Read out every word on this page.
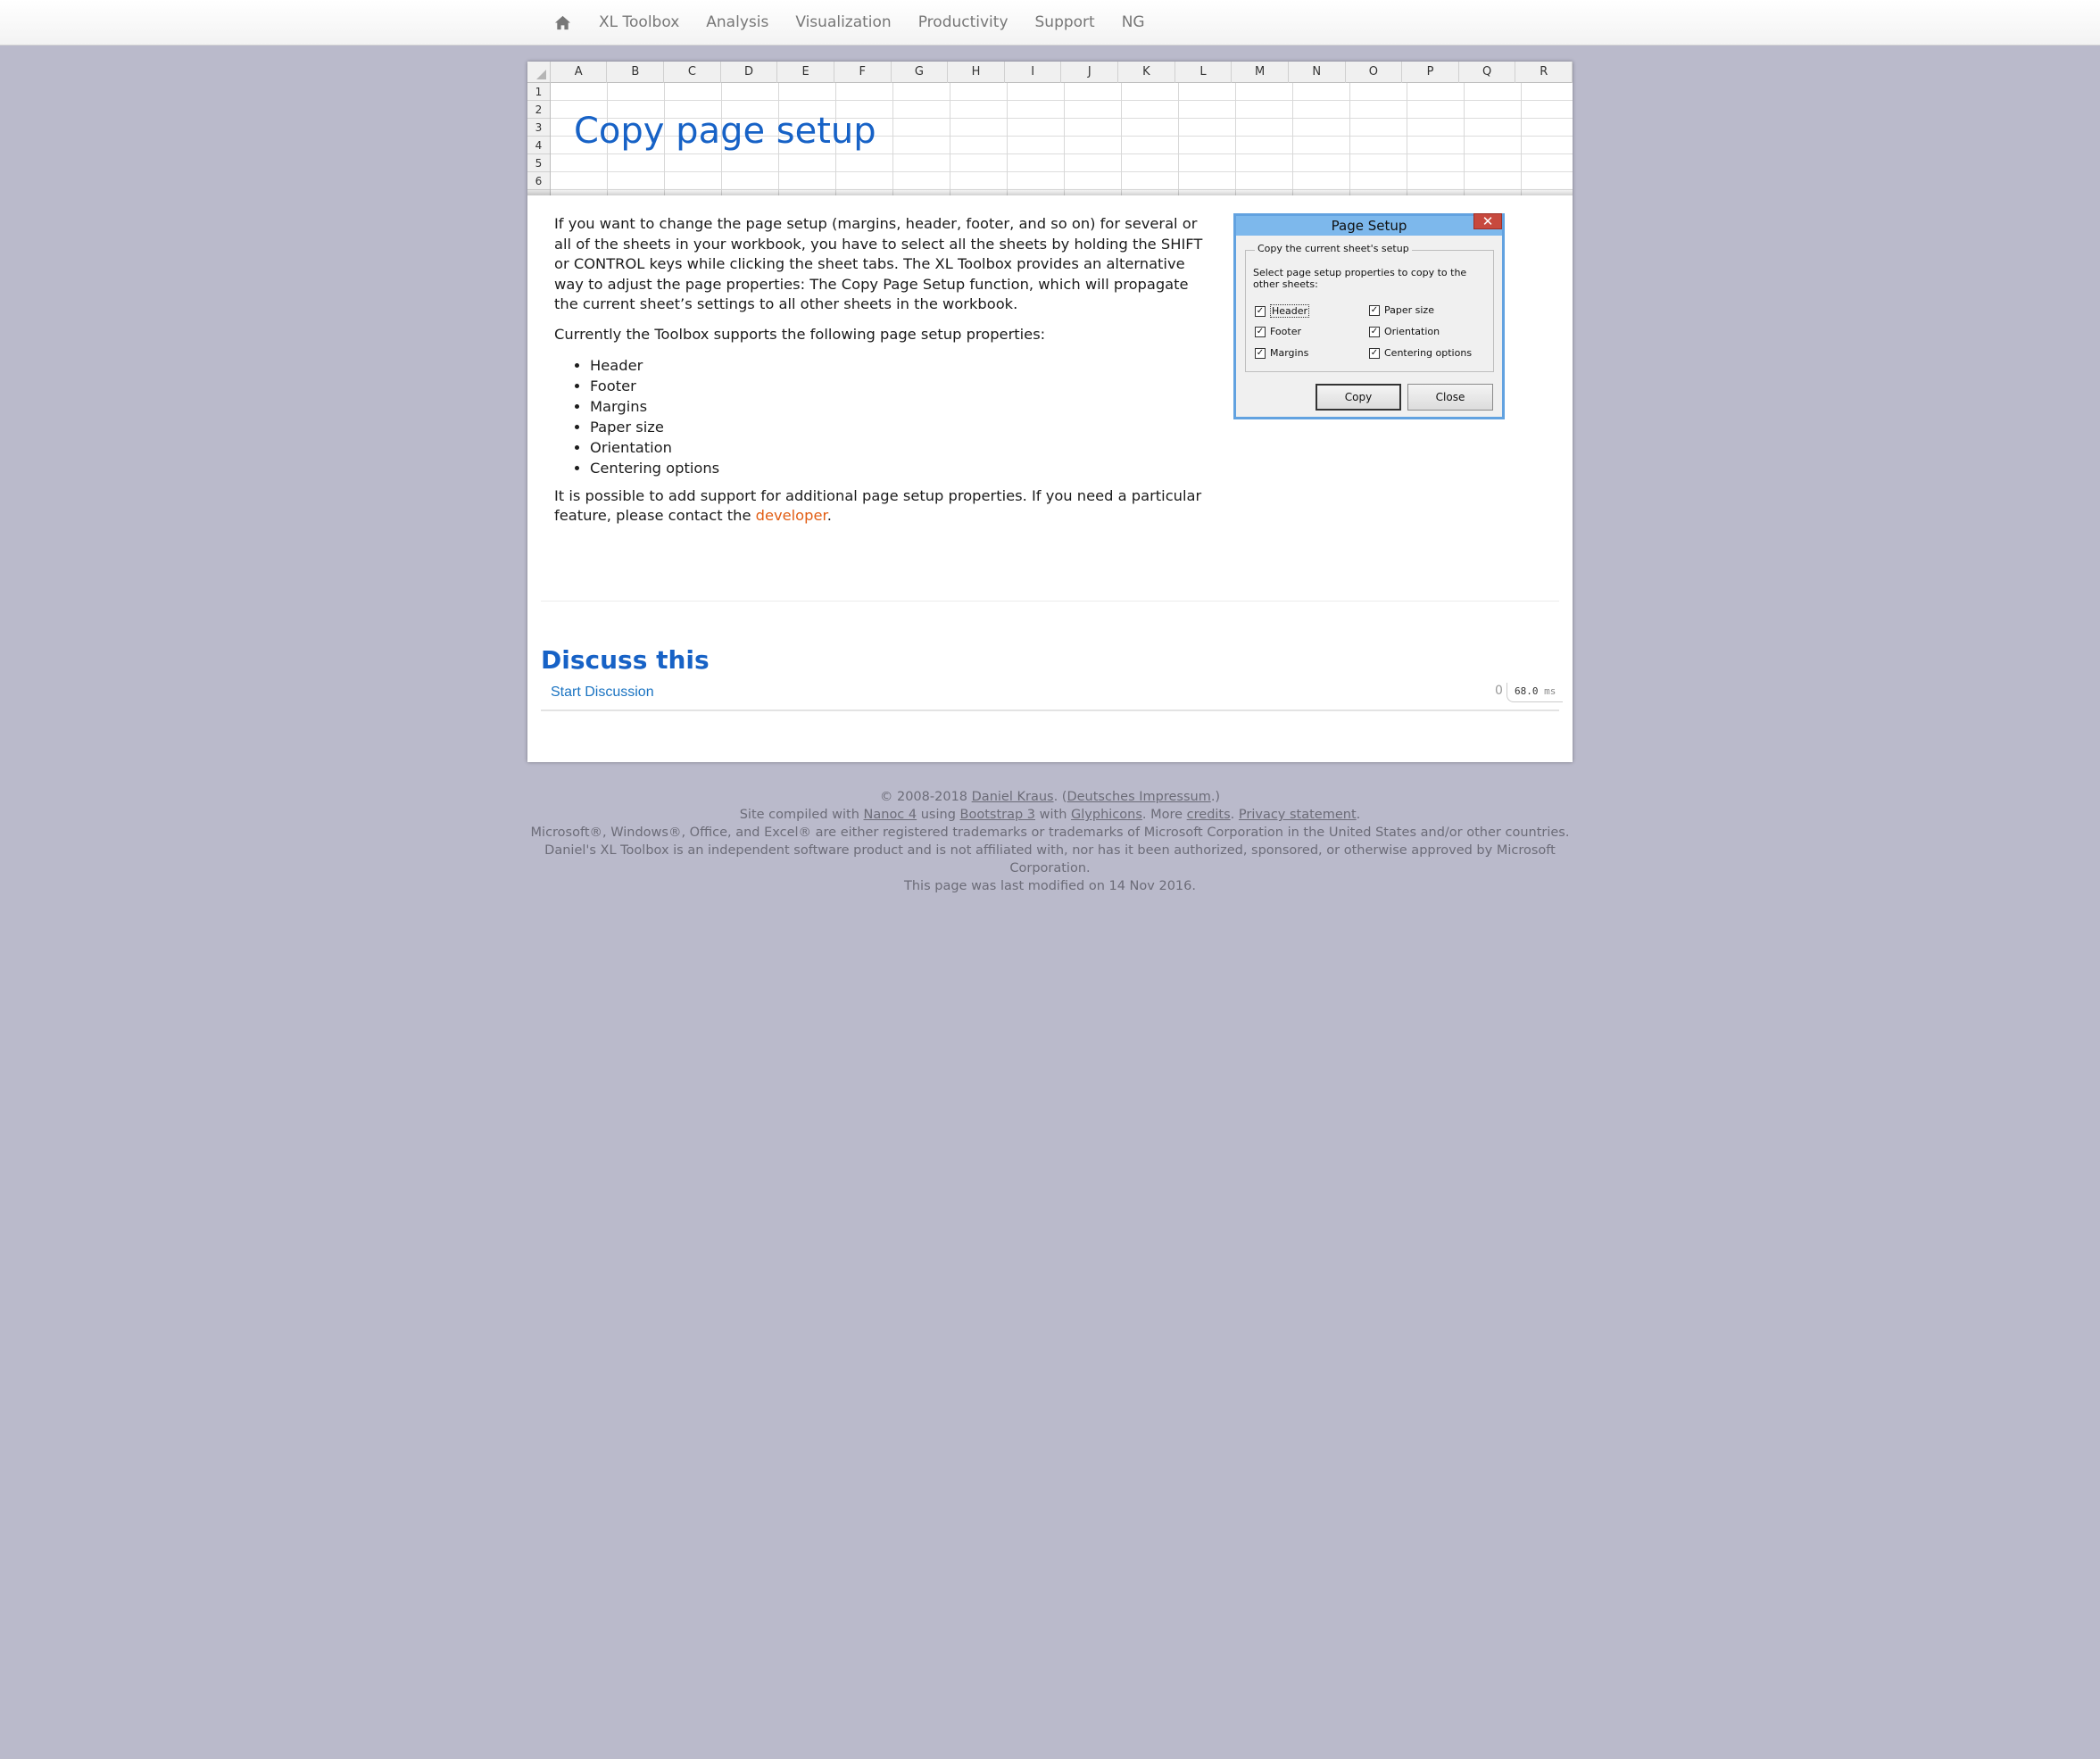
XL Toolbox	Analysis	Visualization	Productivity	Support	NG
A	B	C	D	E	F	G	H	I	J	K	L	M	N	O	P	Q	R
1
2
3
4
5
6
Copy page setup

If you want to change the page setup (margins, header, footer, and so on) for several or all of the sheets in your workbook, you have to select all the sheets by holding the SHIFT or CONTROL keys while clicking the sheet tabs. The XL Toolbox provides an alternative way to adjust the page properties: The Copy Page Setup function, which will propagate the current sheet’s settings to all other sheets in the workbook.

Currently the Toolbox supports the following page setup properties:

• Header
• Footer
• Margins
• Paper size
• Orientation
• Centering options

It is possible to add support for additional page setup properties. If you need a particular feature, please contact the developer.

Page Setup	✕
Copy the current sheet's setup
Select page setup properties to copy to the other sheets:
✓ Header	✓ Paper size
✓ Footer	✓ Orientation
✓ Margins	✓ Centering options
Copy	Close
Discuss this
Start Discussion	0	68.0 ms
© 2008-2018 Daniel Kraus. (Deutsches Impressum.)
Site compiled with Nanoc 4 using Bootstrap 3 with Glyphicons. More credits. Privacy statement.
Microsoft®, Windows®, Office, and Excel® are either registered trademarks or trademarks of Microsoft Corporation in the United States and/or other countries.
Daniel's XL Toolbox is an independent software product and is not affiliated with, nor has it been authorized, sponsored, or otherwise approved by Microsoft Corporation.
This page was last modified on 14 Nov 2016.
